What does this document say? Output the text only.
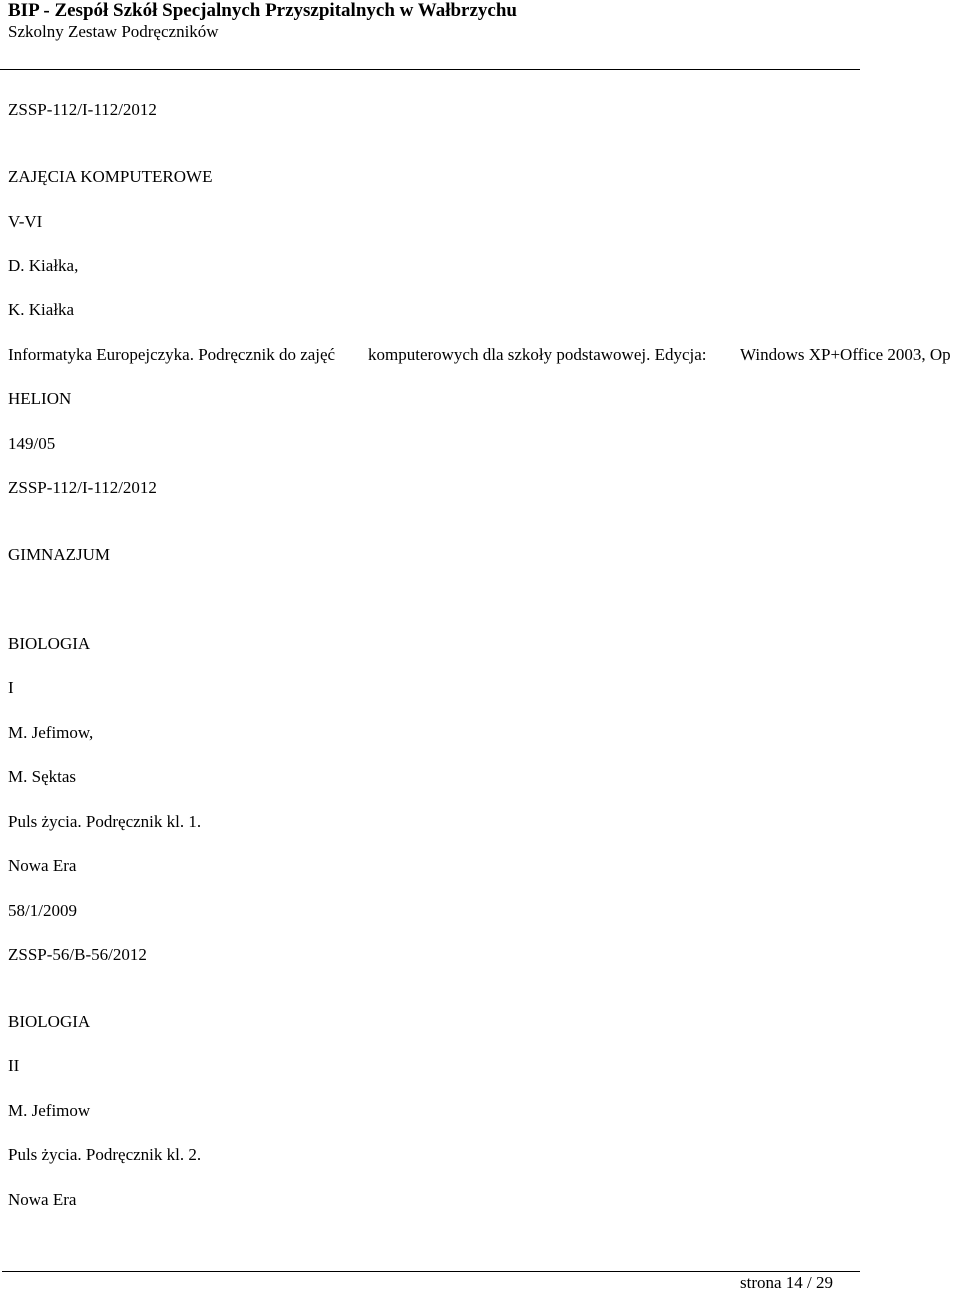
BIP - Zespół Szkół Specjalnych Przyszpitalnych w Wałbrzychu
Szkolny Zestaw Podręczników
ZSSP-112/I-112/2012
ZAJĘCIA KOMPUTEROWE
V-VI
D. Kiałka,
K. Kiałka
Informatyka Europejczyka. Podręcznik do zajęć komputerowych dla szkoły podstawowej. Edycja: Windows XP+Office 2003, Op
HELION
149/05
ZSSP-112/I-112/2012
GIMNAZJUM
BIOLOGIA
I
M. Jefimow,
M. Sęktas
Puls życia. Podręcznik kl. 1.
Nowa Era
58/1/2009
ZSSP-56/B-56/2012
BIOLOGIA
II
M. Jefimow
Puls życia. Podręcznik kl. 2.
Nowa Era
strona 14 / 29
